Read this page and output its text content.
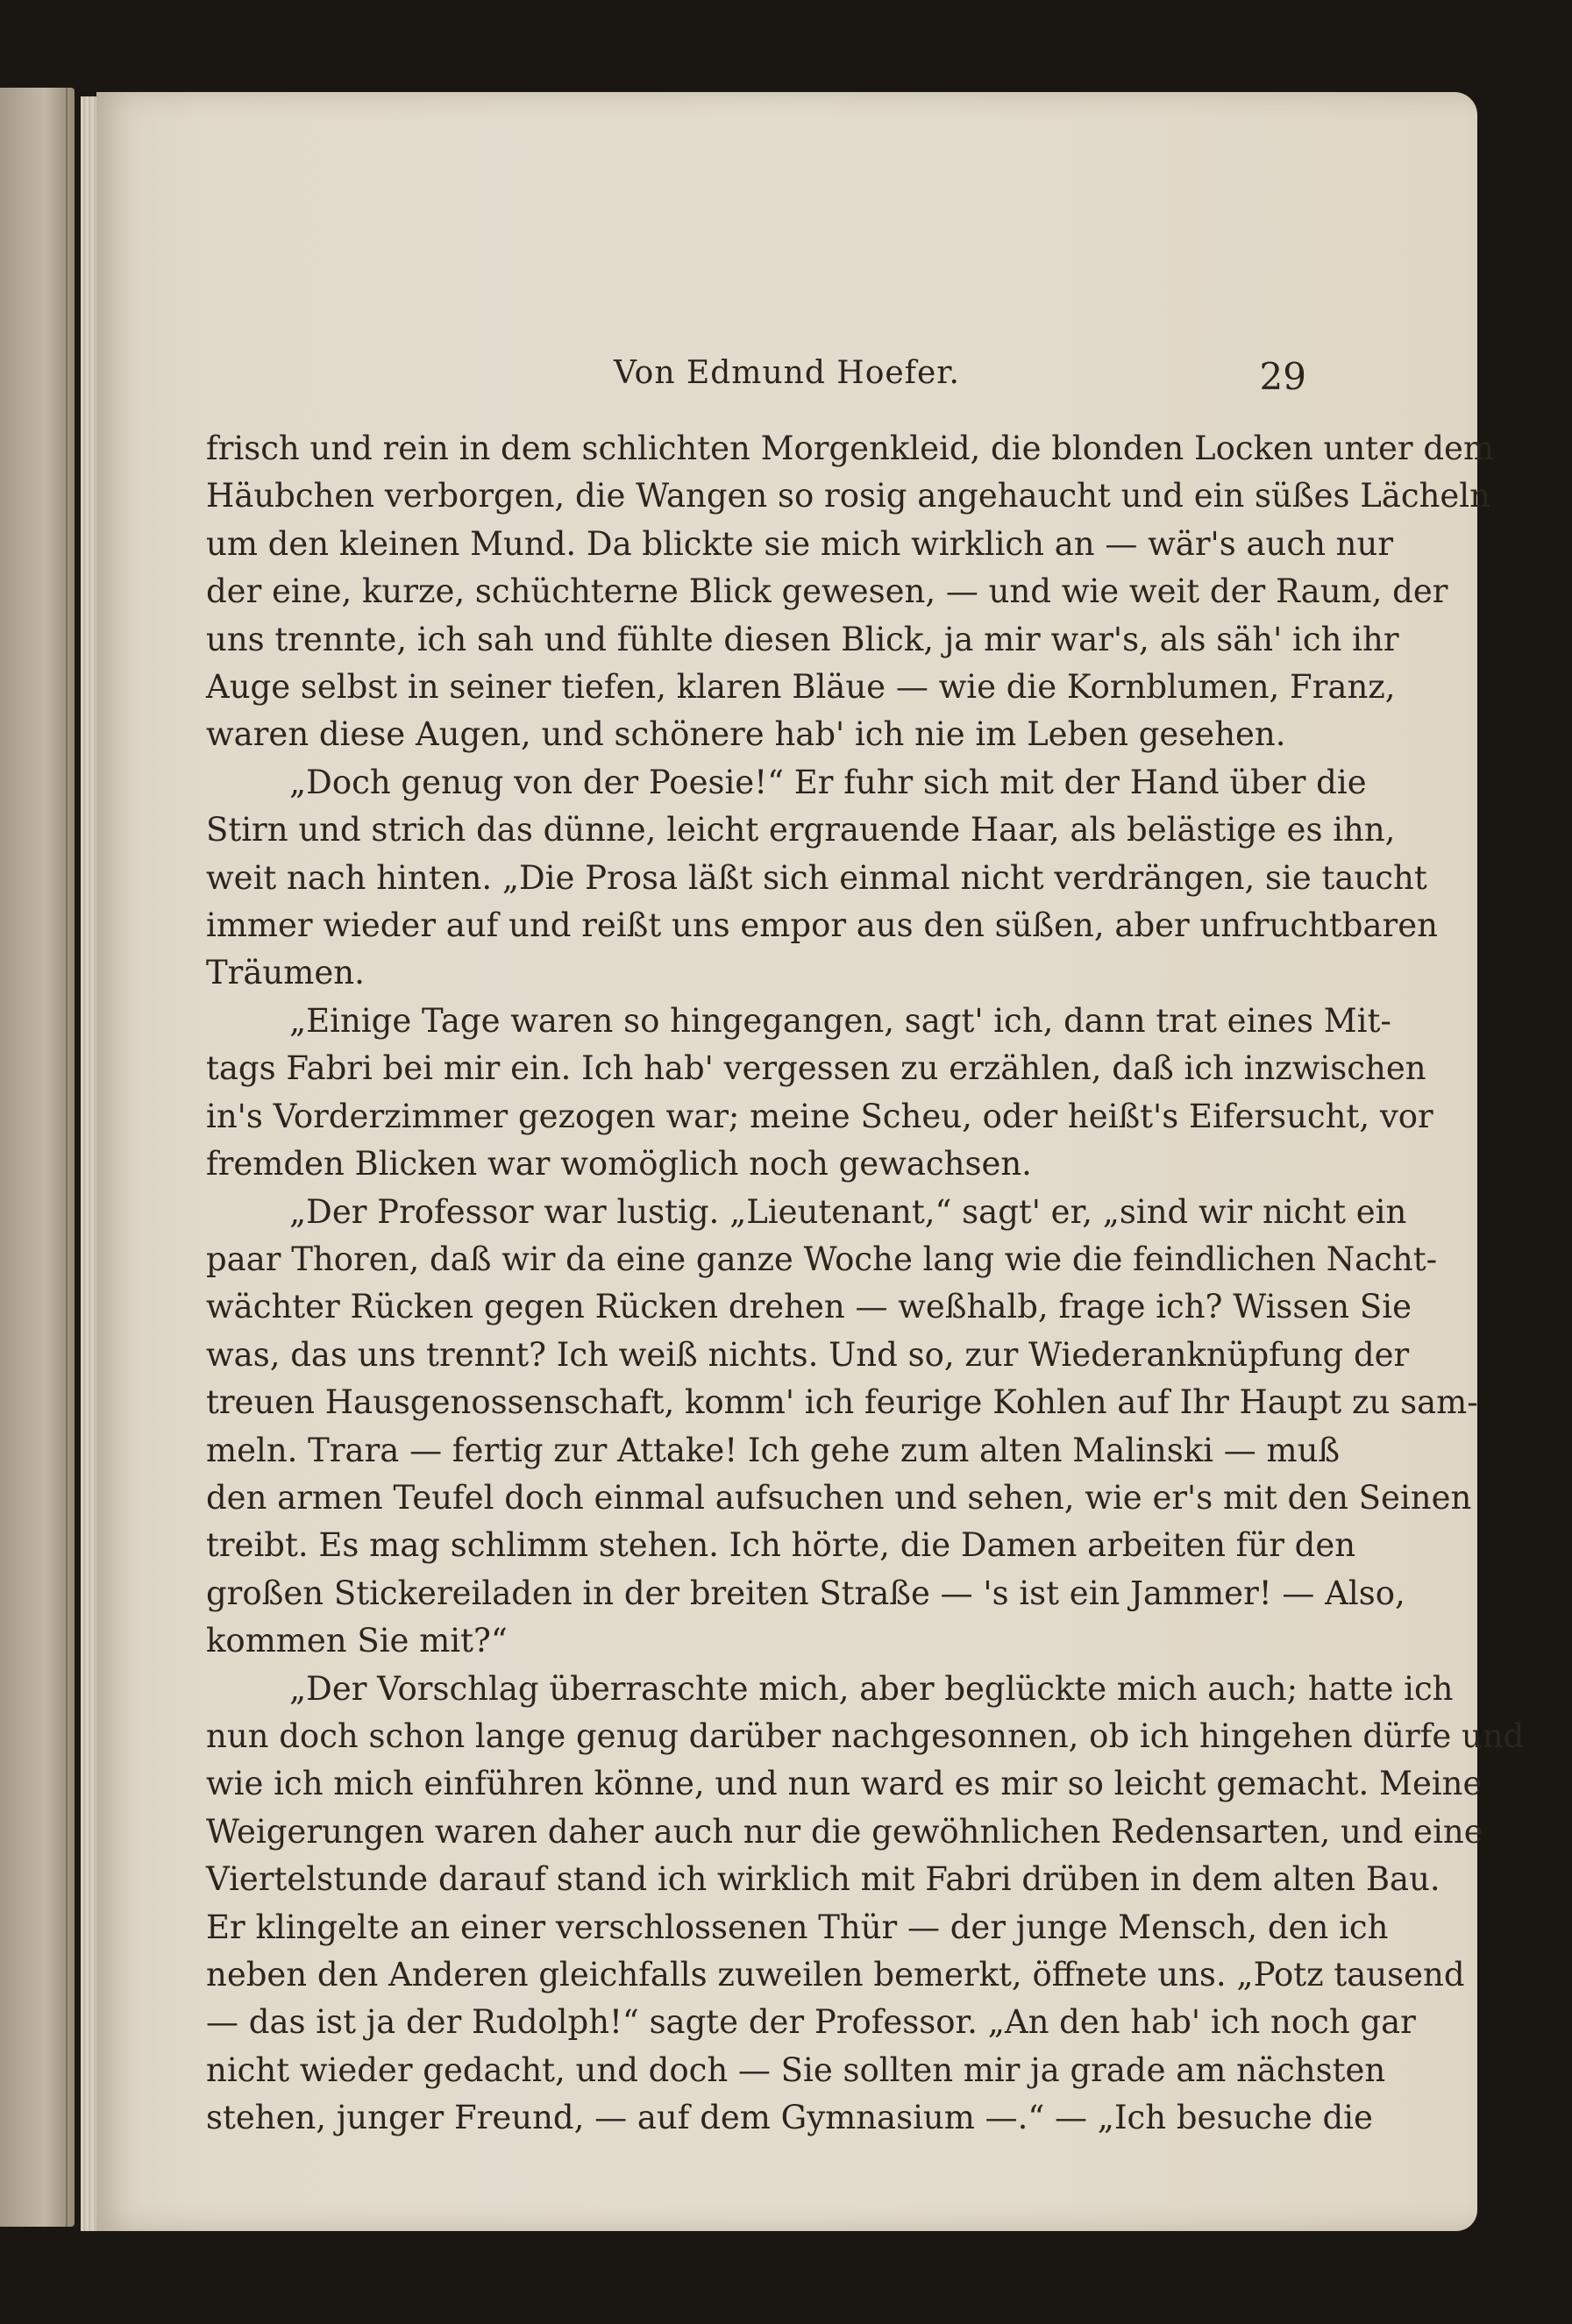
Von Edmund Hoefer.	29
frisch und rein in dem schlichten Morgenkleid, die blonden Locken unter dem
Häubchen verborgen, die Wangen so rosig angehaucht und ein süßes Lächeln
um den kleinen Mund. Da blickte sie mich wirklich an — wär's auch nur
der eine, kurze, schüchterne Blick gewesen, — und wie weit der Raum, der
uns trennte, ich sah und fühlte diesen Blick, ja mir war's, als säh' ich ihr
Auge selbst in seiner tiefen, klaren Bläue — wie die Kornblumen, Franz,
waren diese Augen, und schönere hab' ich nie im Leben gesehen.
„Doch genug von der Poesie!“ Er fuhr sich mit der Hand über die
Stirn und strich das dünne, leicht ergrauende Haar, als belästige es ihn,
weit nach hinten. „Die Prosa läßt sich einmal nicht verdrängen, sie taucht
immer wieder auf und reißt uns empor aus den süßen, aber unfruchtbaren
Träumen.
„Einige Tage waren so hingegangen, sagt' ich, dann trat eines Mit-
tags Fabri bei mir ein. Ich hab' vergessen zu erzählen, daß ich inzwischen
in's Vorderzimmer gezogen war; meine Scheu, oder heißt's Eifersucht, vor
fremden Blicken war womöglich noch gewachsen.
„Der Professor war lustig. „Lieutenant,“ sagt' er, „sind wir nicht ein
paar Thoren, daß wir da eine ganze Woche lang wie die feindlichen Nacht-
wächter Rücken gegen Rücken drehen — weßhalb, frage ich? Wissen Sie
was, das uns trennt? Ich weiß nichts. Und so, zur Wiederanknüpfung der
treuen Hausgenossenschaft, komm' ich feurige Kohlen auf Ihr Haupt zu sam-
meln. Trara — fertig zur Attake! Ich gehe zum alten Malinski — muß
den armen Teufel doch einmal aufsuchen und sehen, wie er's mit den Seinen
treibt. Es mag schlimm stehen. Ich hörte, die Damen arbeiten für den
großen Stickereiladen in der breiten Straße — 's ist ein Jammer! — Also,
kommen Sie mit?“
„Der Vorschlag überraschte mich, aber beglückte mich auch; hatte ich
nun doch schon lange genug darüber nachgesonnen, ob ich hingehen dürfe und
wie ich mich einführen könne, und nun ward es mir so leicht gemacht. Meine
Weigerungen waren daher auch nur die gewöhnlichen Redensarten, und eine
Viertelstunde darauf stand ich wirklich mit Fabri drüben in dem alten Bau.
Er klingelte an einer verschlossenen Thür — der junge Mensch, den ich
neben den Anderen gleichfalls zuweilen bemerkt, öffnete uns. „Potz tausend
— das ist ja der Rudolph!“ sagte der Professor. „An den hab' ich noch gar
nicht wieder gedacht, und doch — Sie sollten mir ja grade am nächsten
stehen, junger Freund, — auf dem Gymnasium —.“ — „Ich besuche die
